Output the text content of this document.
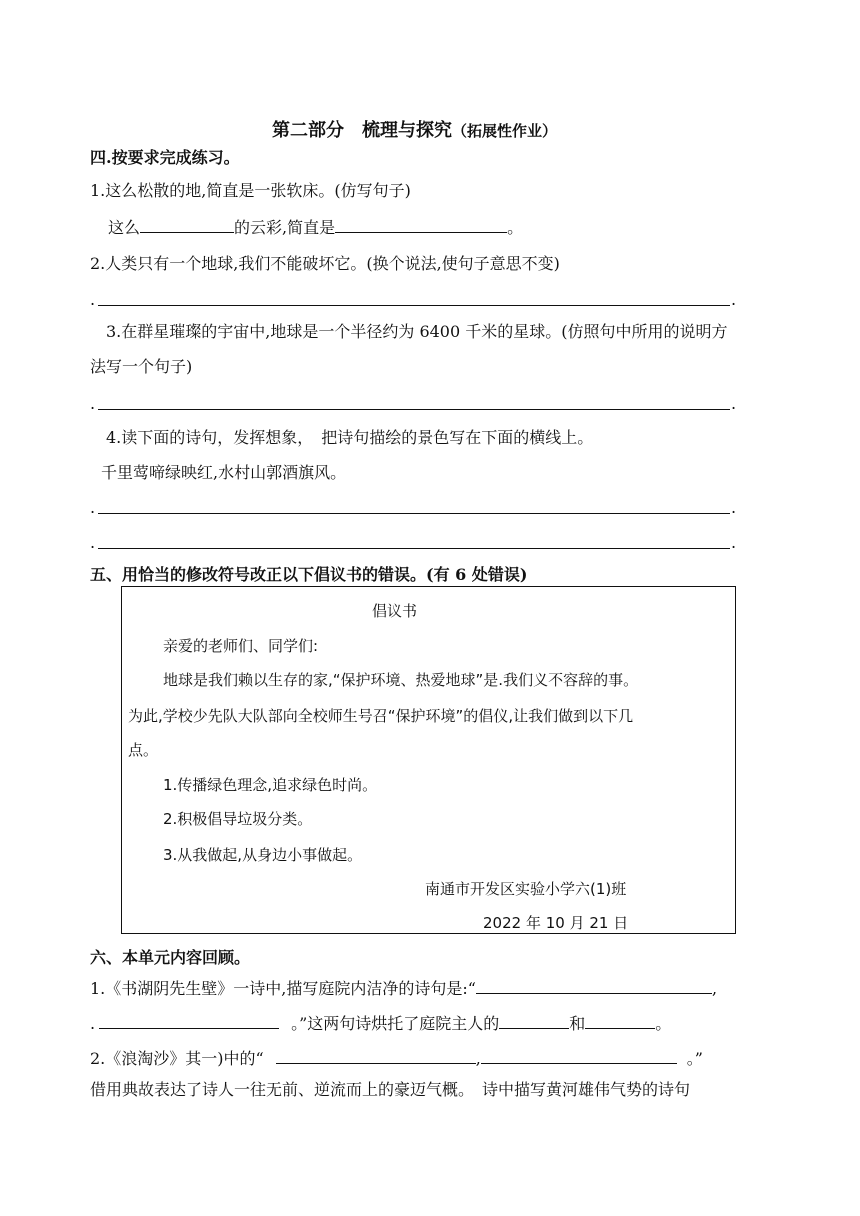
第二部分　梳理与探究（拓展性作业）
四.按要求完成练习。
1.这么松散的地,简直是一张软床。(仿写句子)
这么	的云彩,简直是	。
2.人类只有一个地球,我们不能破坏它。(换个说法,使句子意思不变)
.	.
3.在群星璀璨的宇宙中,地球是一个半径约为 6400 千米的星球。(仿照句中所用的说明方
法写一个句子)
.	.
4.读下面的诗句，发挥想象，　把诗句描绘的景色写在下面的横线上。
千里莺啼绿映红,水村山郭酒旗风。
.	.
.	.
五、用恰当的修改符号改正以下倡议书的错误。(有 6 处错误)
倡议书
亲爱的老师们、同学们:
地球是我们赖以生存的家,“保护环境、热爱地球”是.我们义不容辞的事。
为此,学校少先队大队部向全校师生号召“保护环境”的倡仪,让我们做到以下几
点。
1.传播绿色理念,追求绿色时尚。
2.积极倡导垃圾分类。
3.从我做起,从身边小事做起。
南通市开发区实验小学六(1)班
2022 年 10 月 21 日
六、本单元内容回顾。
1.《书湖阴先生壁》一诗中,描写庭院内洁净的诗句是:“	,
.	。”这两句诗烘托了庭院主人的	和	。
2.《浪淘沙》其一)中的“	,	。”
借用典故表达了诗人一往无前、逆流而上的豪迈气概。　诗中描写黄河雄伟气势的诗句
